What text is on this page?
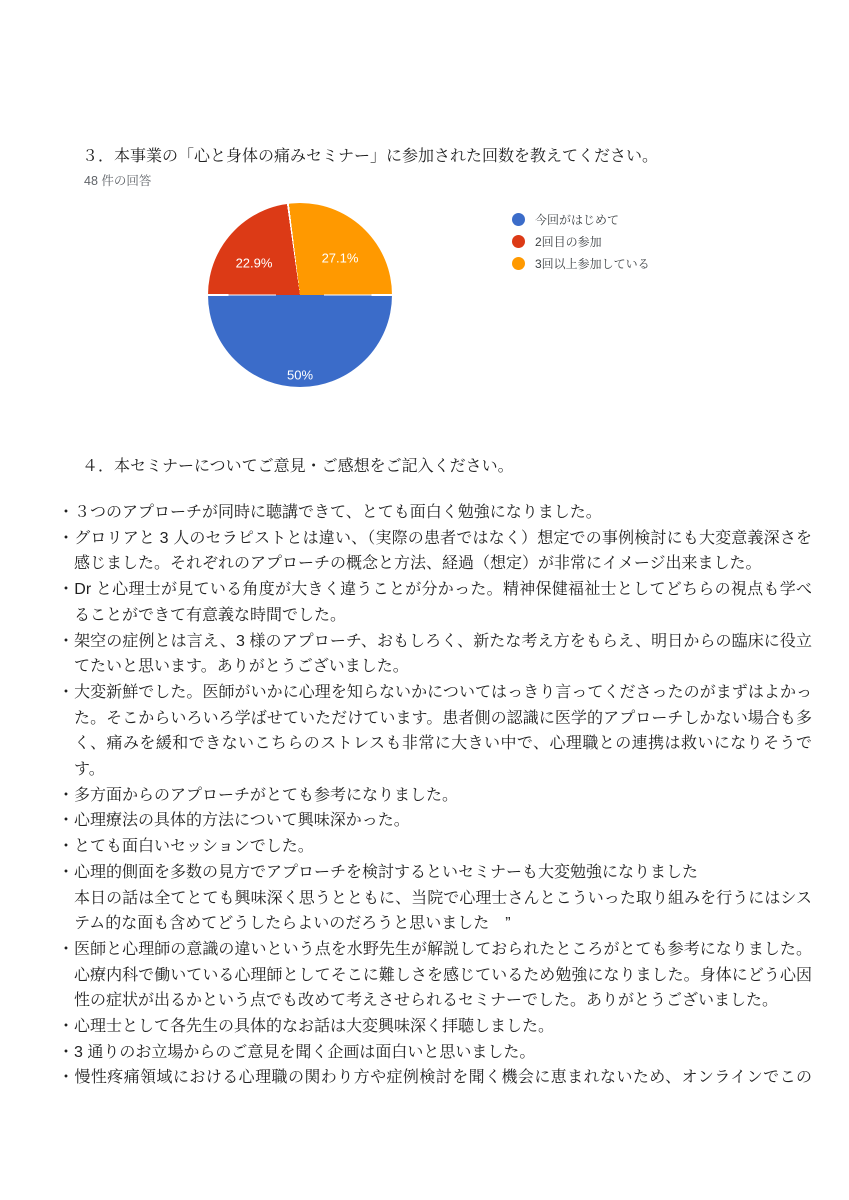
３．本事業の「心と身体の痛みセミナー」に参加された回数を教えてください。
48 件の回答
50%
22.9%	27.1%
今回がはじめて
2回目の参加
3回以上参加している
４．本セミナーについてご意見・ご感想をご記入ください。

・３つのアプローチが同時に聴講できて、とても面白く勉強になりました。

・グロリアと 3 人のセラピストとは違い、（実際の患者ではなく）想定での事例検討にも大変意義深さを感じました。それぞれのアプローチの概念と方法、経過（想定）が非常にイメージ出来ました。

・Dr と心理士が見ている角度が大きく違うことが分かった。精神保健福祉士としてどちらの視点も学べることができて有意義な時間でした。

・架空の症例とは言え、3 様のアプローチ、おもしろく、新たな考え方をもらえ、明日からの臨床に役立てたいと思います。ありがとうございました。

・大変新鮮でした。医師がいかに心理を知らないかについてはっきり言ってくださったのがまずはよかった。そこからいろいろ学ばせていただけています。患者側の認識に医学的アプローチしかない場合も多く、痛みを緩和できないこちらのストレスも非常に大きい中で、心理職との連携は救いになりそうです。

・多方面からのアプローチがとても参考になりました。

・心理療法の具体的方法について興味深かった。

・とても面白いセッションでした。

・心理的側面を多数の見方でアプローチを検討するといセミナーも大変勉強になりました

本日の話は全てとても興味深く思うとともに、当院で心理士さんとこういった取り組みを行うにはシステム的な面も含めてどうしたらよいのだろうと思いました　”

・医師と心理師の意識の違いという点を水野先生が解説しておられたところがとても参考になりました。心療内科で働いている心理師としてそこに難しさを感じているため勉強になりました。身体にどう心因性の症状が出るかという点でも改めて考えさせられるセミナーでした。ありがとうございました。

・心理士として各先生の具体的なお話は大変興味深く拝聴しました。

・3 通りのお立場からのご意見を聞く企画は面白いと思いました。

・慢性疼痛領域における心理職の関わり方や症例検討を聞く機会に恵まれないため、オンラインでこの
